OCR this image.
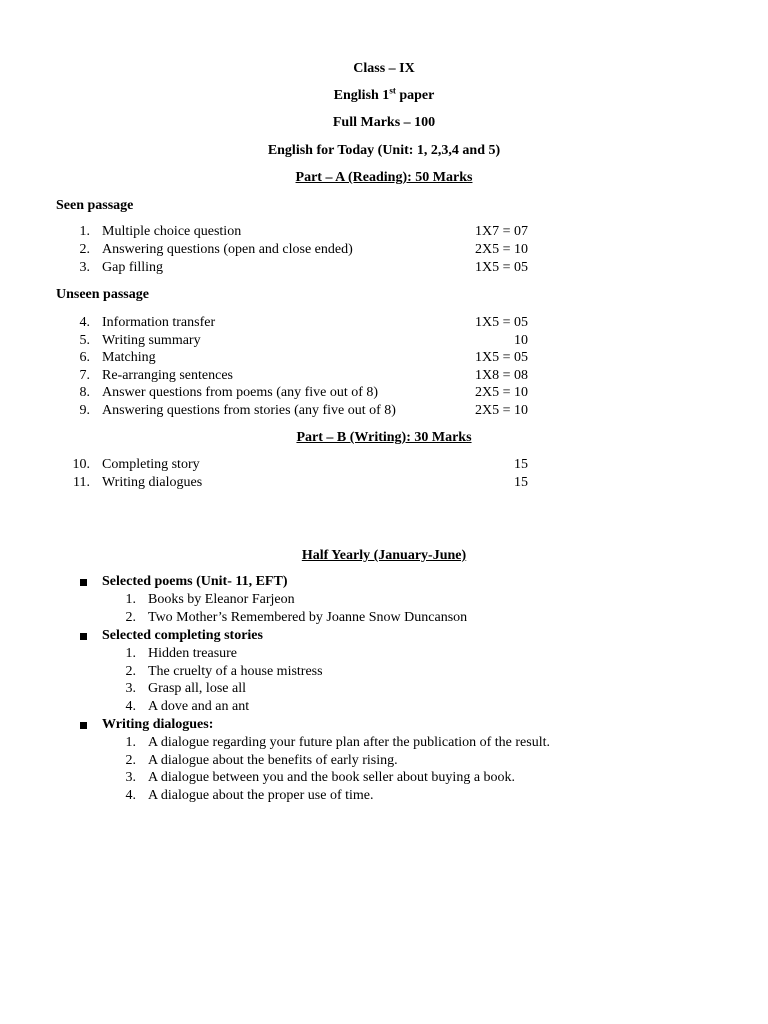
Class – IX
English 1st paper
Full Marks – 100
English for Today (Unit: 1, 2,3,4 and 5)
Part – A (Reading): 50 Marks
Seen passage
1. Multiple choice question	1X7 = 07
2. Answering questions (open and close ended)	2X5 = 10
3. Gap filling	1X5 = 05
Unseen passage
4. Information transfer	1X5 = 05
5. Writing summary	10
6. Matching	1X5 = 05
7. Re-arranging sentences	1X8 = 08
8. Answer questions from poems (any five out of 8)	2X5 = 10
9. Answering questions from stories (any five out of 8)	2X5 = 10
Part – B (Writing): 30 Marks
10. Completing story	15
11. Writing dialogues	15
Half Yearly (January-June)
Selected poems (Unit- 11, EFT)
1. Books by Eleanor Farjeon
2. Two Mother’s Remembered by Joanne Snow Duncanson
Selected completing stories
1. Hidden treasure
2. The cruelty of a house mistress
3. Grasp all, lose all
4. A dove and an ant
Writing dialogues:
1. A dialogue regarding your future plan after the publication of the result.
2. A dialogue about the benefits of early rising.
3. A dialogue between you and the book seller about buying a book.
4. A dialogue about the proper use of time.
